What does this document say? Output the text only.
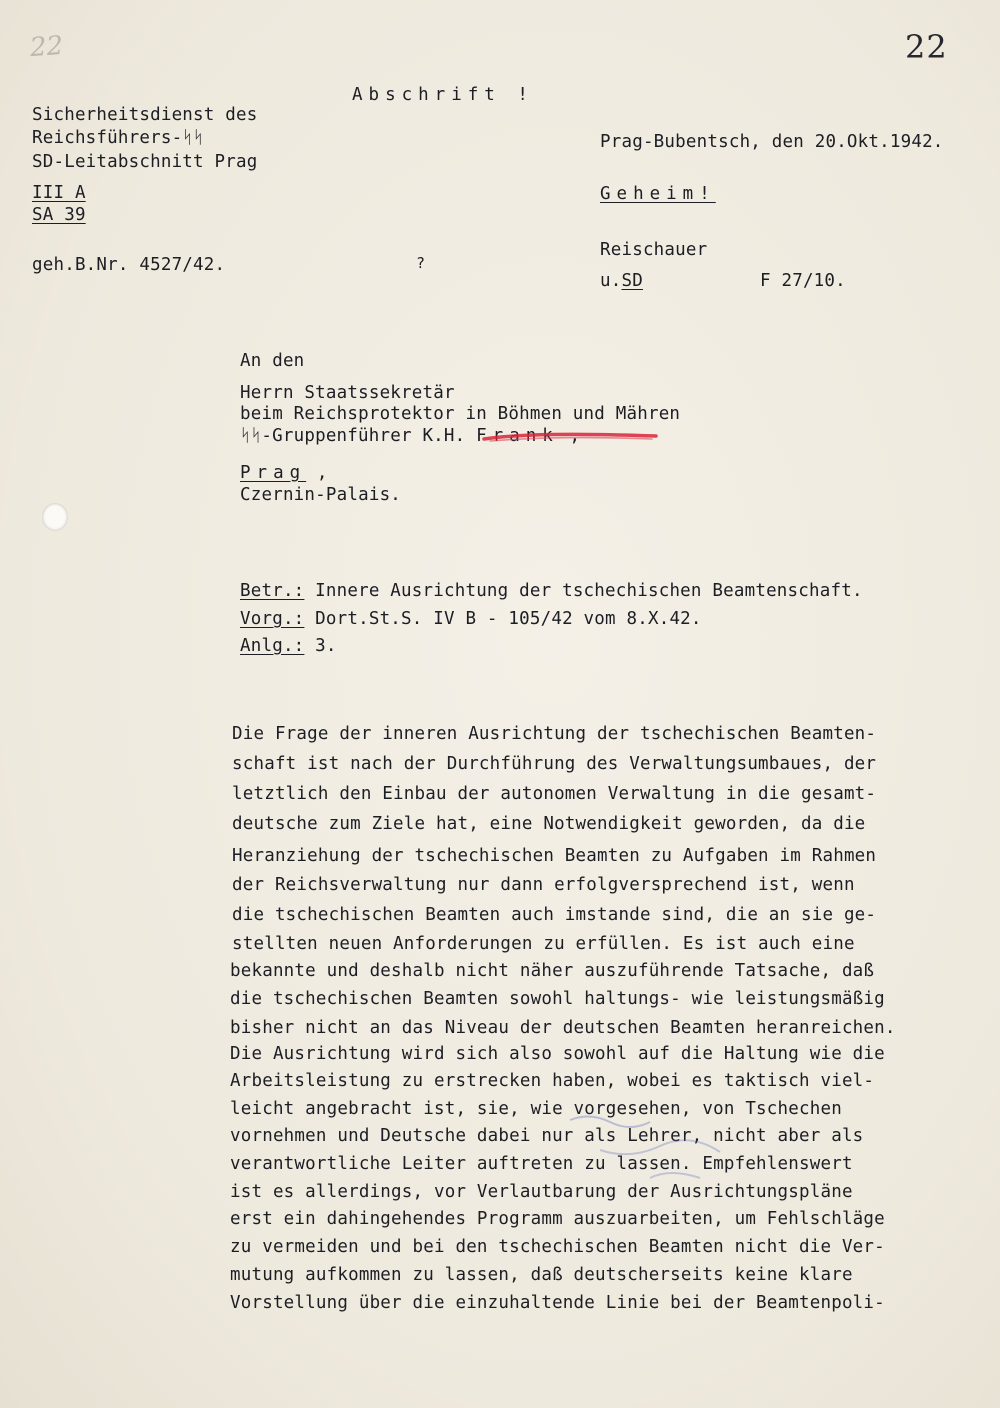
22	22
Abschrift !
Sicherheitsdienst des
Reichsführers-ᛋᛋ
SD-Leitabschnitt Prag
III A
SA 39
geh.B.Nr. 4527/42.
Prag-Bubentsch, den 20.Okt.1942.
Geheim!
Reischauer
?
u.SD	F 27/10.
An den
Herrn Staatssekretär
beim Reichsprotektor in Böhmen und Mähren
ᛋᛋ-Gruppenführer K.H. Frank ,
Prag ,
Czernin-Palais.
Betr.: Innere Ausrichtung der tschechischen Beamtenschaft.
Vorg.: Dort.St.S. IV B - 105/42 vom 8.X.42.
Anlg.: 3.
Die Frage der inneren Ausrichtung der tschechischen Beamten-
schaft ist nach der Durchführung des Verwaltungsumbaues, der
letztlich den Einbau der autonomen Verwaltung in die gesamt-
deutsche zum Ziele hat, eine Notwendigkeit geworden, da die
Heranziehung der tschechischen Beamten zu Aufgaben im Rahmen
der Reichsverwaltung nur dann erfolgversprechend ist, wenn
die tschechischen Beamten auch imstande sind, die an sie ge-
stellten neuen Anforderungen zu erfüllen. Es ist auch eine
bekannte und deshalb nicht näher auszuführende Tatsache, daß
die tschechischen Beamten sowohl haltungs- wie leistungsmäßig
bisher nicht an das Niveau der deutschen Beamten heranreichen.
Die Ausrichtung wird sich also sowohl auf die Haltung wie die
Arbeitsleistung zu erstrecken haben, wobei es taktisch viel-
leicht angebracht ist, sie, wie vorgesehen, von Tschechen
vornehmen und Deutsche dabei nur als Lehrer, nicht aber als
verantwortliche Leiter auftreten zu lassen. Empfehlenswert
ist es allerdings, vor Verlautbarung der Ausrichtungspläne
erst ein dahingehendes Programm auszuarbeiten, um Fehlschläge
zu vermeiden und bei den tschechischen Beamten nicht die Ver-
mutung aufkommen zu lassen, daß deutscherseits keine klare
Vorstellung über die einzuhaltende Linie bei der Beamtenpoli-
